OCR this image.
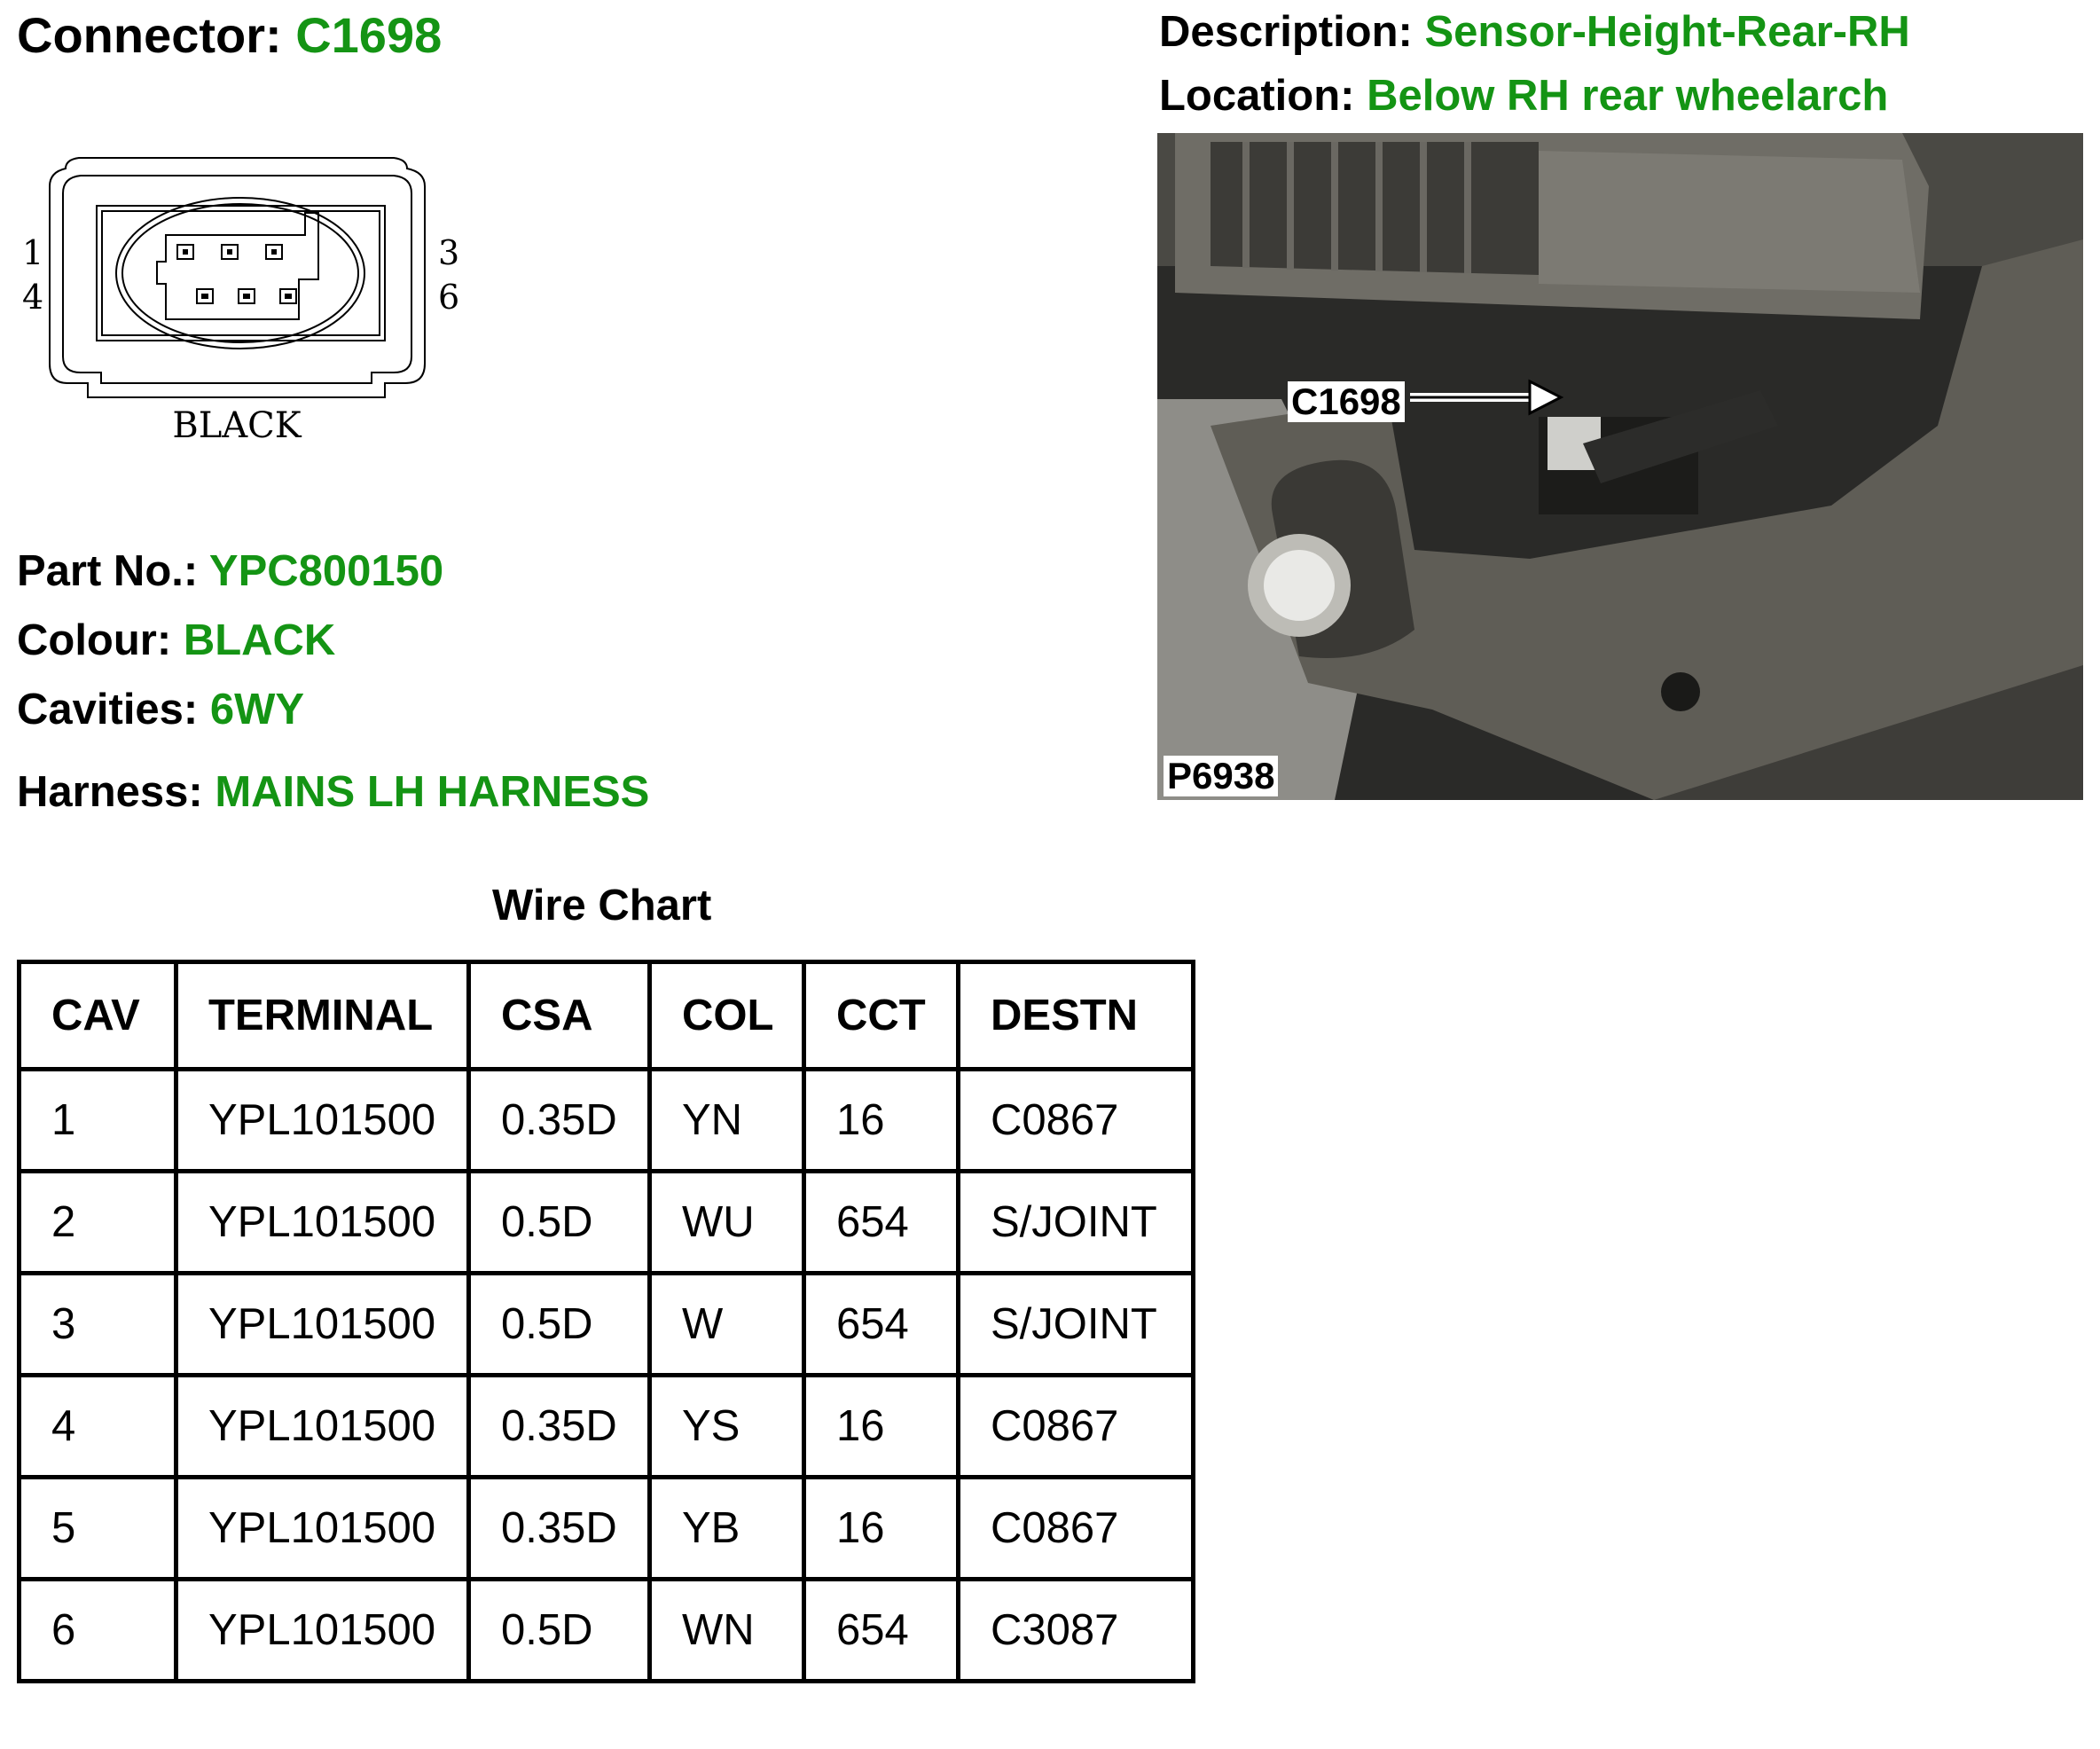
Connector: C1698	Description: Sensor-Height-Rear-RH
Location: Below RH rear wheelarch
1
4
3
6
BLACK
Part No.: YPC800150
Colour: BLACK
Cavities: 6WY
Harness: MAINS LH HARNESS
C1698
P6938
Wire Chart
CAV	TERMINAL	CSA	COL	CCT	DESTN
1	YPL101500	0.35D	YN	16	C0867
2	YPL101500	0.5D	WU	654	S/JOINT
3	YPL101500	0.5D	W	654	S/JOINT
4	YPL101500	0.35D	YS	16	C0867
5	YPL101500	0.35D	YB	16	C0867
6	YPL101500	0.5D	WN	654	C3087
